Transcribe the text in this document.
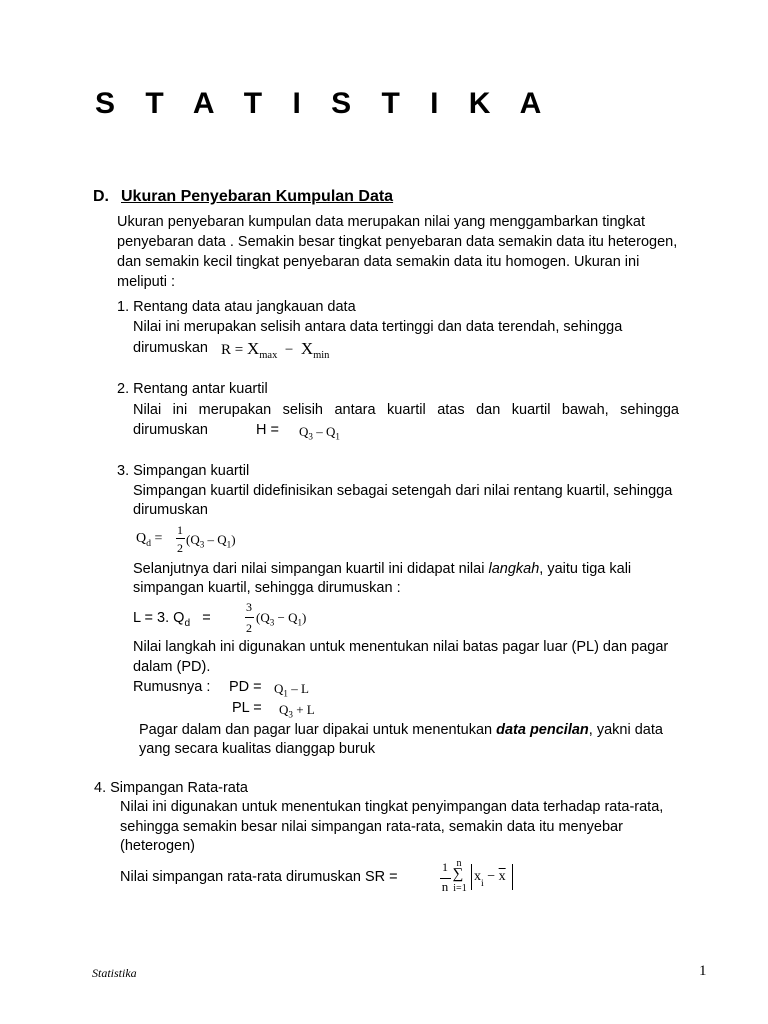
S T A T I S T I K A
D. Ukuran Penyebaran Kumpulan Data
Ukuran penyebaran kumpulan data merupakan nilai yang menggambarkan tingkat
penyebaran data . Semakin besar tingkat penyebaran data semakin data itu heterogen,
dan semakin kecil tingkat penyebaran data semakin data itu homogen. Ukuran ini
meliputi :
1. Rentang data atau jangkauan data
Nilai ini merupakan selisih antara data tertinggi dan data terendah, sehingga
dirumuskan $R = X_{max} - X_{min}$
2. Rentang antar kuartil
Nilai ini merupakan selisih antara kuartil atas dan kuartil bawah, sehingga
dirumuskan	$H = Q_3 - Q_1$
3. Simpangan kuartil
Simpangan kuartil didefinisikan sebagai setengah dari nilai rentang kuartil, sehingga
dirumuskan
$Q_d$ =
1
2
$(Q_3 - Q_1)$
Selanjutnya dari nilai simpangan kuartil ini didapat nilai langkah, yaitu tiga kali
simpangan kuartil, sehingga dirumuskan :
L = 3. $Q_d$ =
3
2
$(Q_3 - Q_1)$
Nilai langkah ini digunakan untuk menentukan nilai batas pagar luar (PL) dan pagar
dalam (PD).
Rumusnya : PD = $Q_1$ – L
PL = $Q_3 + L$
Pagar dalam dan pagar luar dipakai untuk menentukan data pencilan, yakni data
yang secara kualitas dianggap buruk
4. Simpangan Rata-rata
Nilai ini digunakan untuk menentukan tingkat penyimpangan data terhadap rata-rata,
sehingga semakin besar nilai simpangan rata-rata, semakin data itu menyebar
(heterogen)
Nilai simpangan rata-rata dirumuskan SR =
1
n
n
∑
i=1
$x_i - \overline{x}$
Statistika	1
